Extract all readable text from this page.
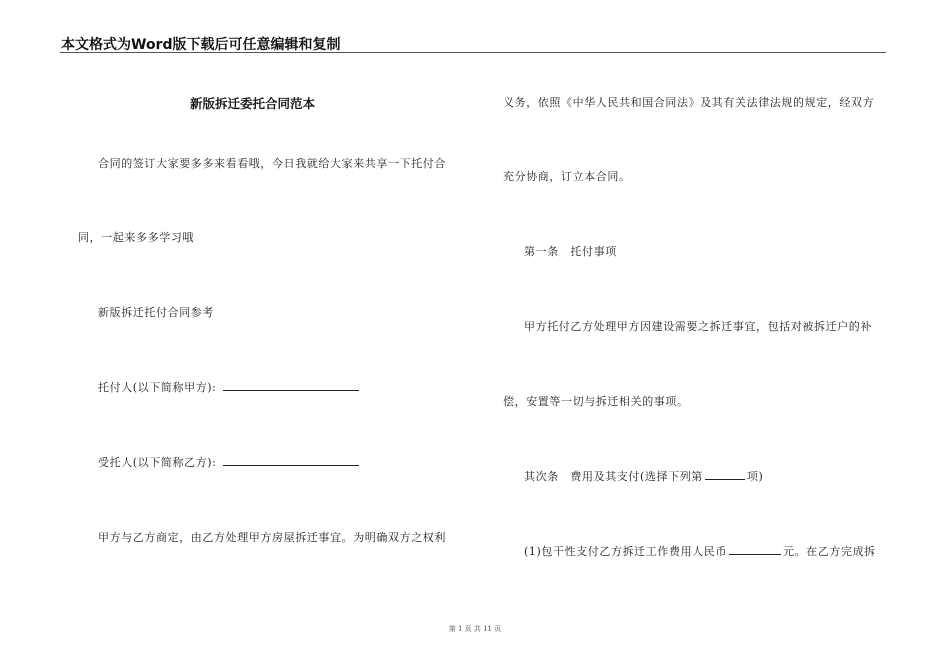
本文格式为Word版下载后可任意编辑和复制
新版拆迁委托合同范本
合同的签订大家要多多来看看哦，今日我就给大家来共享一下托付合
同，一起来多多学习哦
新版拆迁托付合同参考
托付人(以下简称甲方):
受托人(以下简称乙方):
甲方与乙方商定，由乙方处理甲方房屋拆迁事宜。为明确双方之权利
义务，依照《中华人民共和国合同法》及其有关法律法规的规定，经双方
充分协商，订立本合同。
第一条　托付事项
甲方托付乙方处理甲方因建设需要之拆迁事宜，包括对被拆迁户的补
偿，安置等一切与拆迁相关的事项。
其次条　费用及其支付(选择下列第	项)
(1)包干性支付乙方拆迁工作费用人民币	元。在乙方完成拆
第 1 页 共 11 页
